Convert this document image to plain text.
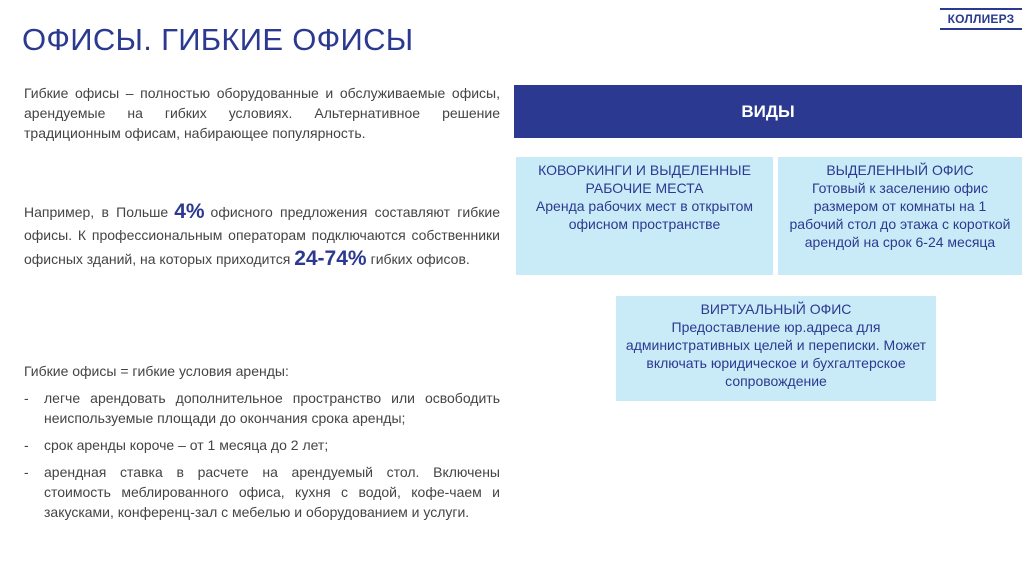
КОЛЛИЕРЗ
ОФИСЫ. ГИБКИЕ ОФИСЫ

Гибкие офисы – полностью оборудованные и обслуживаемые офисы, арендуемые на гибких условиях. Альтернативное решение традиционным офисам, набирающее популярность.

Например, в Польше 4% офисного предложения составляют гибкие офисы. К профессиональным операторам подключаются собственники офисных зданий, на которых приходится 24-74% гибких офисов.

Гибкие офисы = гибкие условия аренды:

- легче арендовать дополнительное пространство или освободить неиспользуемые площади до окончания срока аренды;
- срок аренды короче – от 1 месяца до 2 лет;
- арендная ставка в расчете на арендуемый стол. Включены стоимость меблированного офиса, кухня с водой, кофе-чаем и закусками, конференц-зал с мебелью и оборудованием и услуги.
ВИДЫ
КОВОРКИНГИ И ВЫДЕЛЕННЫЕ РАБОЧИЕ МЕСТА
Аренда рабочих мест в открытом офисном пространстве
ВЫДЕЛЕННЫЙ ОФИС
Готовый к заселению офис размером от комнаты на 1 рабочий стол до этажа с короткой арендой на срок 6-24 месяца
ВИРТУАЛЬНЫЙ ОФИС
Предоставление юр.адреса для административных целей и переписки. Может включать юридическое и бухгалтерское сопровождение
